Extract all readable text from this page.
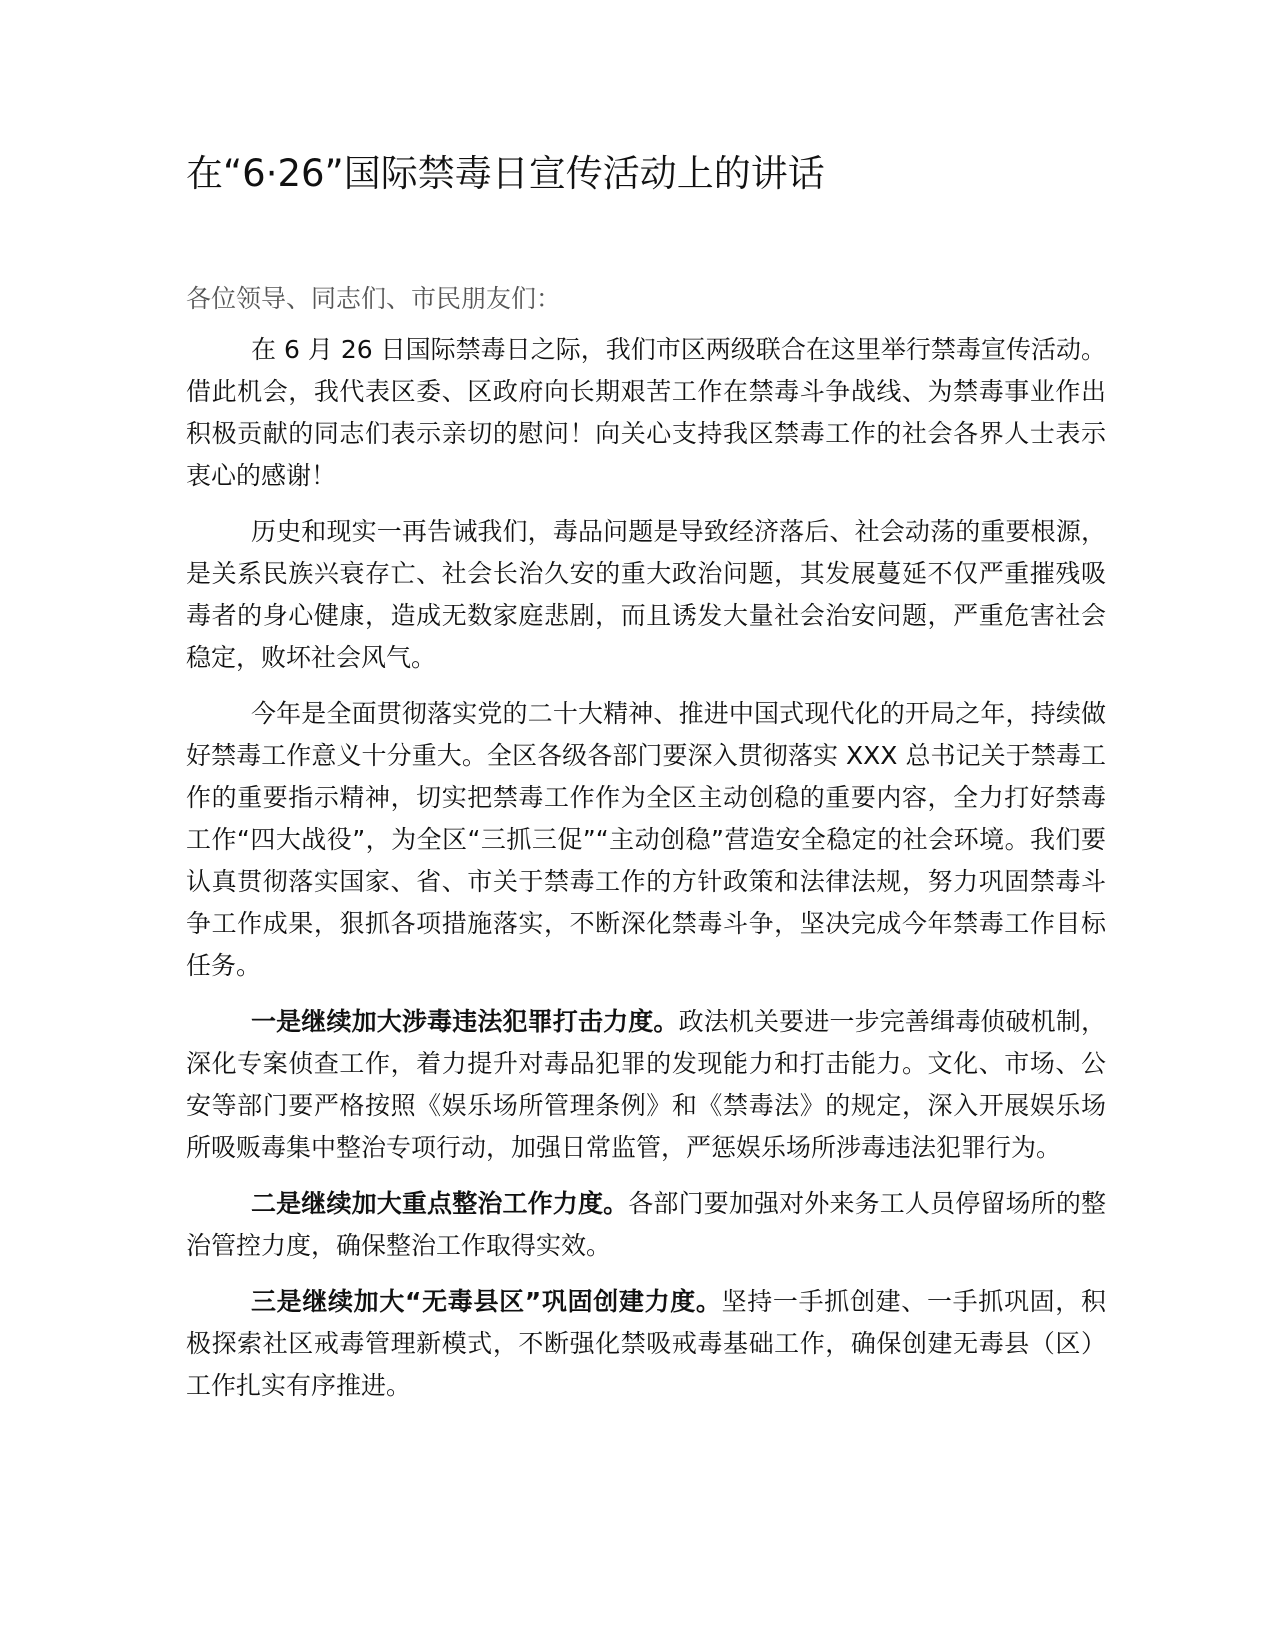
在“6·26”国际禁毒日宣传活动上的讲话

各位领导、同志们、市民朋友们：

在 6 月 26 日国际禁毒日之际，我们市区两级联合在这里举行禁毒宣传活动。借此机会，我代表区委、区政府向长期艰苦工作在禁毒斗争战线、为禁毒事业作出积极贡献的同志们表示亲切的慰问！向关心支持我区禁毒工作的社会各界人士表示衷心的感谢！

历史和现实一再告诫我们，毒品问题是导致经济落后、社会动荡的重要根源，是关系民族兴衰存亡、社会长治久安的重大政治问题，其发展蔓延不仅严重摧残吸毒者的身心健康，造成无数家庭悲剧，而且诱发大量社会治安问题，严重危害社会稳定，败坏社会风气。

今年是全面贯彻落实党的二十大精神、推进中国式现代化的开局之年，持续做好禁毒工作意义十分重大。全区各级各部门要深入贯彻落实 XXX 总书记关于禁毒工作的重要指示精神，切实把禁毒工作作为全区主动创稳的重要内容，全力打好禁毒工作“四大战役”，为全区“三抓三促”“主动创稳”营造安全稳定的社会环境。我们要认真贯彻落实国家、省、市关于禁毒工作的方针政策和法律法规，努力巩固禁毒斗争工作成果，狠抓各项措施落实，不断深化禁毒斗争，坚决完成今年禁毒工作目标任务。

一是继续加大涉毒违法犯罪打击力度。政法机关要进一步完善缉毒侦破机制，深化专案侦查工作，着力提升对毒品犯罪的发现能力和打击能力。文化、市场、公安等部门要严格按照《娱乐场所管理条例》和《禁毒法》的规定，深入开展娱乐场所吸贩毒集中整治专项行动，加强日常监管，严惩娱乐场所涉毒违法犯罪行为。

二是继续加大重点整治工作力度。各部门要加强对外来务工人员停留场所的整治管控力度，确保整治工作取得实效。

三是继续加大“无毒县区”巩固创建力度。坚持一手抓创建、一手抓巩固，积极探索社区戒毒管理新模式，不断强化禁吸戒毒基础工作，确保创建无毒县（区）工作扎实有序推进。
